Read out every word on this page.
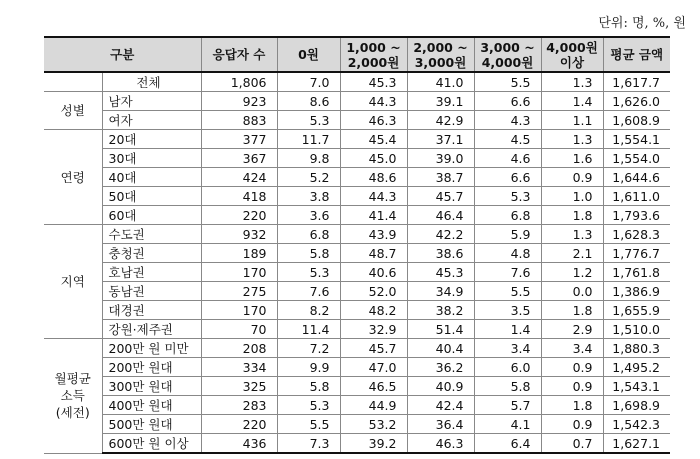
단위: 명, %, 원
구분		응답자 수	0원	1,000 ~ 2,000원	2,000 ~ 3,000원	3,000 ~ 4,000원	4,000원 이상	평균 금액
	전체	1,806	7.0	45.3	41.0	5.5	1.3	1,617.7
성별	남자	923	8.6	44.3	39.1	6.6	1.4	1,626.0
	여자	883	5.3	46.3	42.9	4.3	1.1	1,608.9
연령	20대	377	11.7	45.4	37.1	4.5	1.3	1,554.1
	30대	367	9.8	45.0	39.0	4.6	1.6	1,554.0
	40대	424	5.2	48.6	38.7	6.6	0.9	1,644.6
	50대	418	3.8	44.3	45.7	5.3	1.0	1,611.0
	60대	220	3.6	41.4	46.4	6.8	1.8	1,793.6
지역	수도권	932	6.8	43.9	42.2	5.9	1.3	1,628.3
	충청권	189	5.8	48.7	38.6	4.8	2.1	1,776.7
	호남권	170	5.3	40.6	45.3	7.6	1.2	1,761.8
	동남권	275	7.6	52.0	34.9	5.5	0.0	1,386.9
	대경권	170	8.2	48.2	38.2	3.5	1.8	1,655.9
	강원·제주권	70	11.4	32.9	51.4	1.4	2.9	1,510.0

월평균
소득
(세전)	200만 원 미만	208	7.2	45.7	40.4	3.4	3.4	1,880.3
	200만 원대	334	9.9	47.0	36.2	6.0	0.9	1,495.2
	300만 원대	325	5.8	46.5	40.9	5.8	0.9	1,543.1
	400만 원대	283	5.3	44.9	42.4	5.7	1.8	1,698.9
	500만 원대	220	5.5	53.2	36.4	4.1	0.9	1,542.3
	600만 원 이상	436	7.3	39.2	46.3	6.4	0.7	1,627.1
